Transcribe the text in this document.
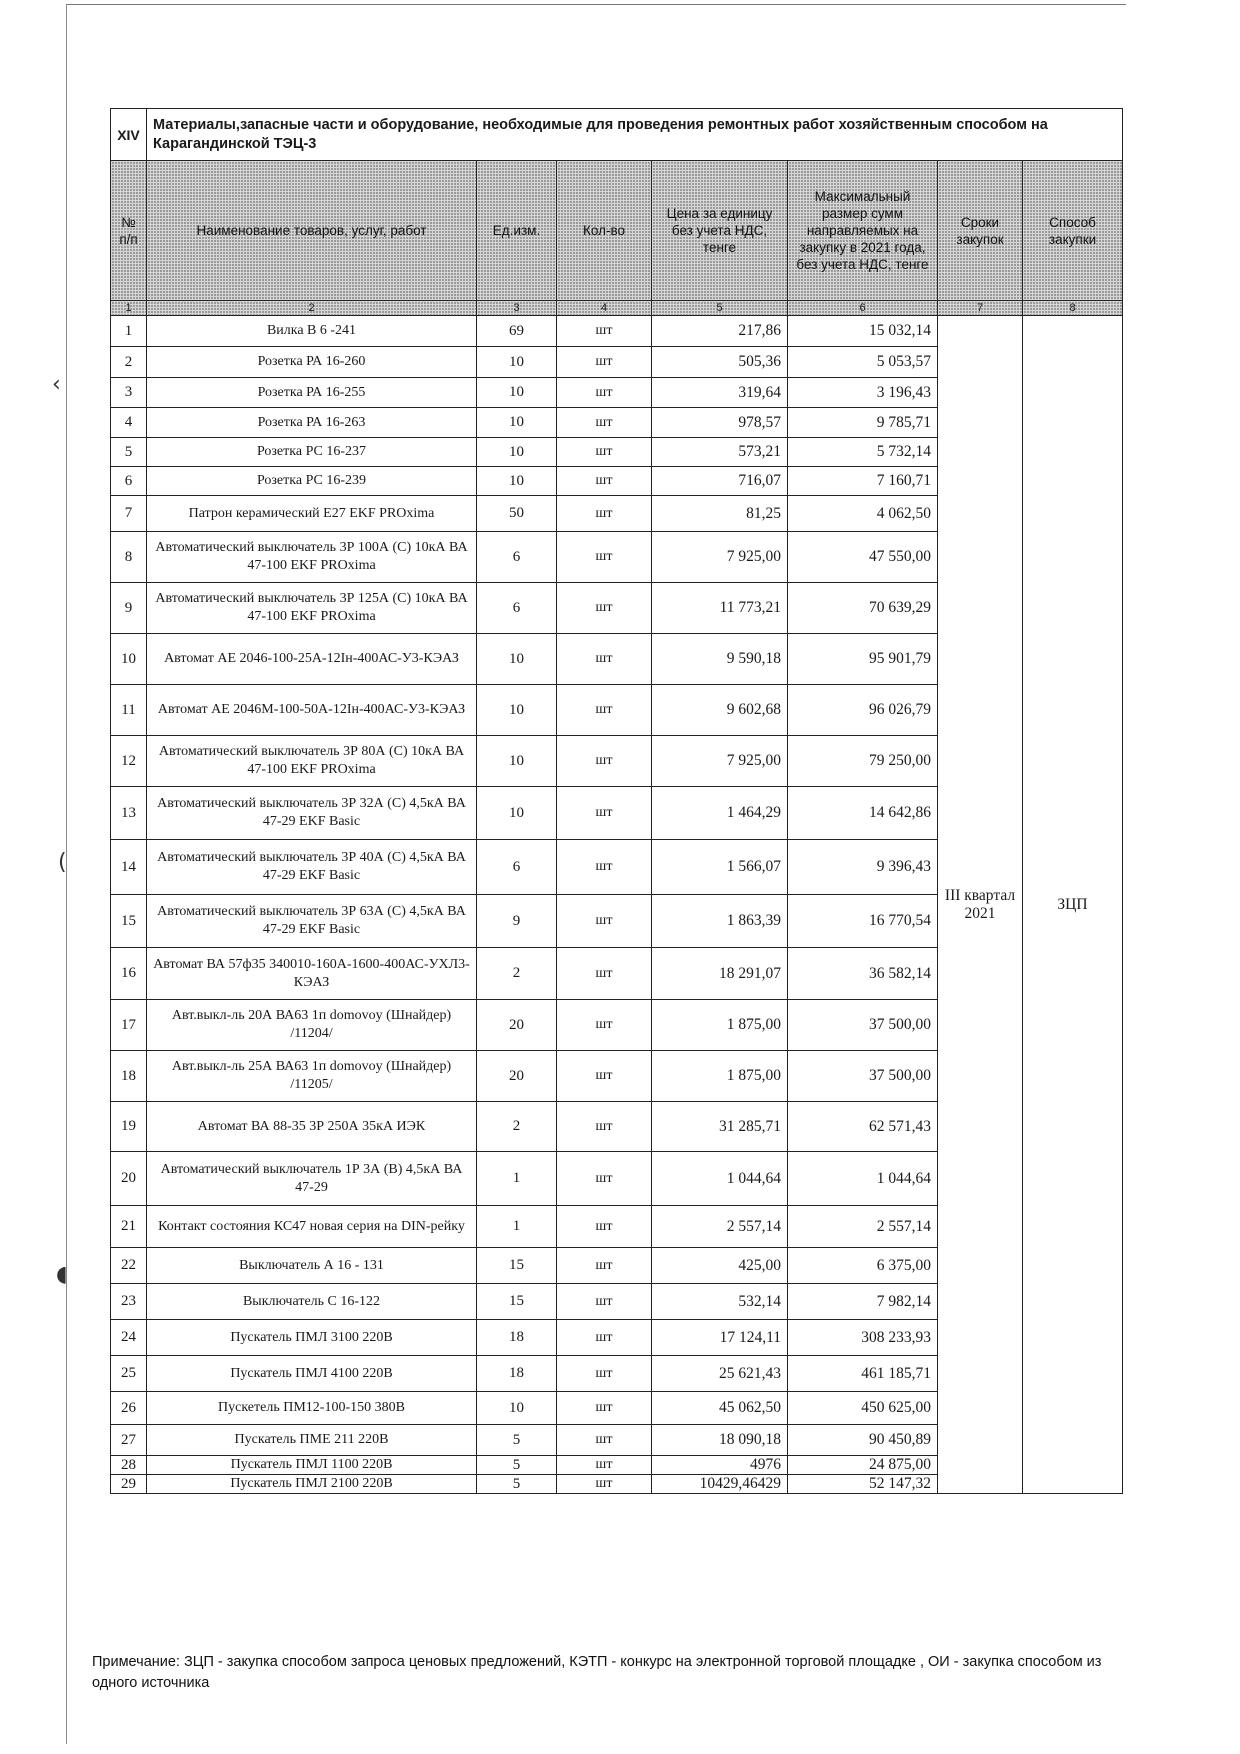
‹
(
◖
XIV	Материалы,запасные части и оборудование, необходимые для проведения ремонтных работ хозяйственным способом на Карагандинской ТЭЦ-3						
№ п/п	Наименование товаров, услуг, работ	Ед.изм.	Кол-во	Цена за единицу без учета НДС, тенге	Максимальный размер сумм направляемых на закупку в 2021 года, без учета НДС, тенге	Сроки закупок	Способ закупки
1	2	3	4	5	6	7	8
1	Вилка В 6 -241	69	шт	217,86	15 032,14	III квартал 2021	ЗЦП
2	Розетка РА 16-260	10	шт	505,36	5 053,57		
3	Розетка РА 16-255	10	шт	319,64	3 196,43		
4	Розетка РА 16-263	10	шт	978,57	9 785,71		
5	Розетка РС 16-237	10	шт	573,21	5 732,14		
6	Розетка РС 16-239	10	шт	716,07	7 160,71		
7	Патрон керамический E27 EKF PROxima	50	шт	81,25	4 062,50		
8	Автоматический выключатель 3Р 100А (С) 10кА ВА 47-100 EKF PROxima	6	шт	7 925,00	47 550,00		
9	Автоматический выключатель 3Р 125А (С) 10кА ВА 47-100 EKF PROxima	6	шт	11 773,21	70 639,29		
10	Автомат АЕ 2046-100-25А-12Iн-400АС-У3-КЭАЗ	10	шт	9 590,18	95 901,79		
11	Автомат АЕ 2046М-100-50А-12Iн-400АС-У3-КЭАЗ	10	шт	9 602,68	96 026,79		
12	Автоматический выключатель 3Р 80А (С) 10кА ВА 47-100 EKF PROxima	10	шт	7 925,00	79 250,00		
13	Автоматический выключатель 3Р 32А (С) 4,5кА ВА 47-29 EKF Basic	10	шт	1 464,29	14 642,86		
14	Автоматический выключатель 3Р 40А (С) 4,5кА ВА 47-29 EKF Basic	6	шт	1 566,07	9 396,43		
15	Автоматический выключатель 3Р 63А (С) 4,5кА ВА 47-29 EKF Basic	9	шт	1 863,39	16 770,54		
16	Автомат ВА 57ф35 340010-160А-1600-400АС-УХЛ3-КЭАЗ	2	шт	18 291,07	36 582,14		
17	Авт.выкл-ль 20А ВА63 1п domovoy (Шнайдер) /11204/	20	шт	1 875,00	37 500,00		
18	Авт.выкл-ль 25А ВА63 1п domovoy (Шнайдер) /11205/	20	шт	1 875,00	37 500,00		
19	Автомат ВА 88-35 3Р 250А 35кА ИЭК	2	шт	31 285,71	62 571,43		
20	Автоматический выключатель 1Р 3А (В) 4,5кА ВА 47-29	1	шт	1 044,64	1 044,64		
21	Контакт состояния КС47 новая серия на DIN-рейку	1	шт	2 557,14	2 557,14		
22	Выключатель А 16 - 131	15	шт	425,00	6 375,00		
23	Выключатель С 16-122	15	шт	532,14	7 982,14		
24	Пускатель ПМЛ 3100 220В	18	шт	17 124,11	308 233,93		
25	Пускатель ПМЛ 4100 220В	18	шт	25 621,43	461 185,71		
26	Пускетель ПМ12-100-150 380В	10	шт	45 062,50	450 625,00		
27	Пускатель ПМЕ 211 220В	5	шт	18 090,18	90 450,89		
28	Пускатель ПМЛ 1100 220В	5	шт	4976	24 875,00		
29	Пускатель ПМЛ 2100 220В	5	шт	10429,46429	52 147,32		
Примечание: ЗЦП - закупка способом запроса ценовых предложений, КЭТП - конкурс на электронной торговой площадке , ОИ - закупка способом из одного источника
